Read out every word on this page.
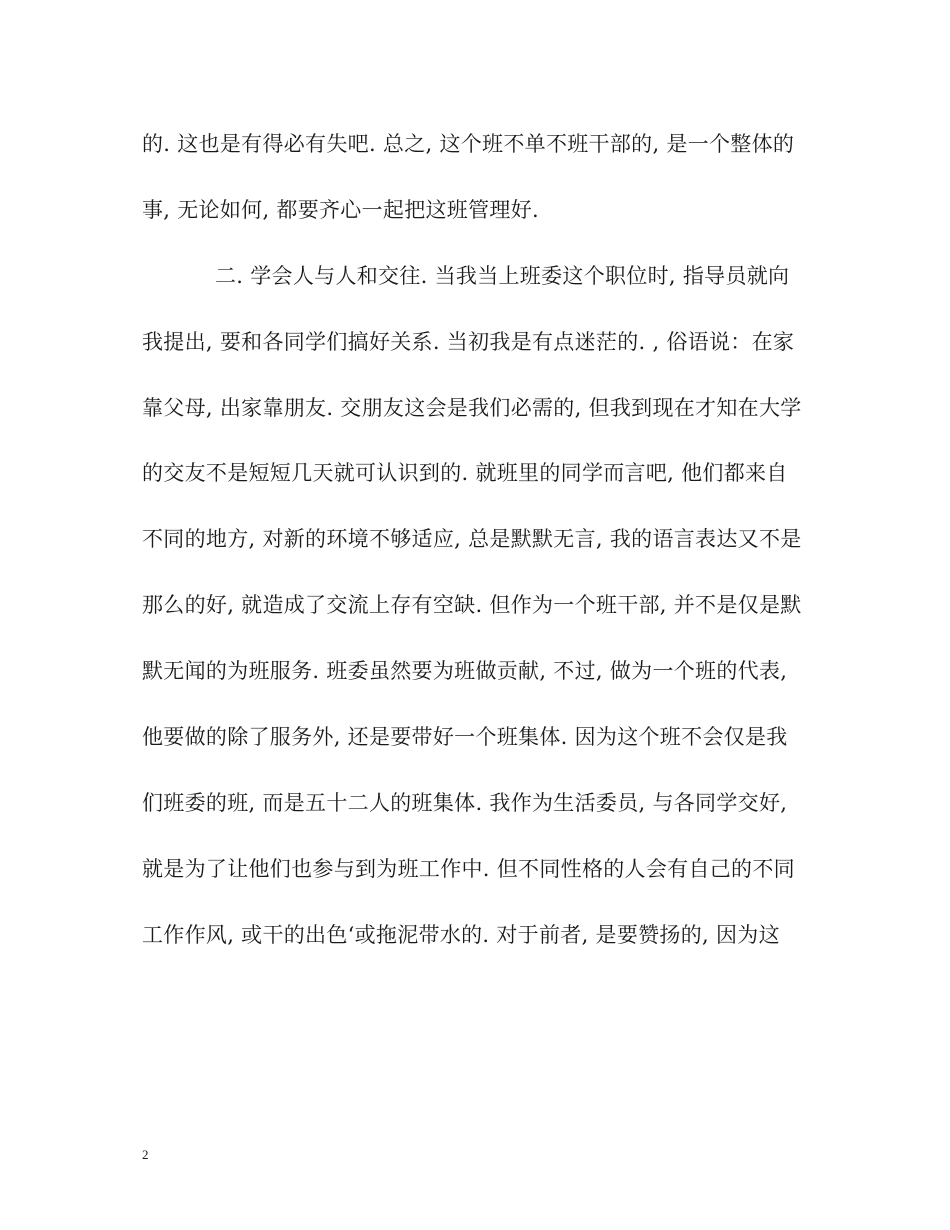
的. 这也是有得必有失吧. 总之, 这个班不单不班干部的, 是一个整体的
事, 无论如何, 都要齐心一起把这班管理好.
二. 学会人与人和交往. 当我当上班委这个职位时, 指导员就向
我提出, 要和各同学们搞好关系. 当初我是有点迷茫的. , 俗语说：在家
靠父母, 出家靠朋友. 交朋友这会是我们必需的, 但我到现在才知在大学
的交友不是短短几天就可认识到的. 就班里的同学而言吧, 他们都来自
不同的地方, 对新的环境不够适应, 总是默默无言, 我的语言表达又不是
那么的好, 就造成了交流上存有空缺. 但作为一个班干部, 并不是仅是默
默无闻的为班服务. 班委虽然要为班做贡献, 不过, 做为一个班的代表,
他要做的除了服务外, 还是要带好一个班集体. 因为这个班不会仅是我
们班委的班, 而是五十二人的班集体. 我作为生活委员, 与各同学交好,
就是为了让他们也参与到为班工作中. 但不同性格的人会有自己的不同
工作作风, 或干的出色‘或拖泥带水的. 对于前者, 是要赞扬的, 因为这
2
